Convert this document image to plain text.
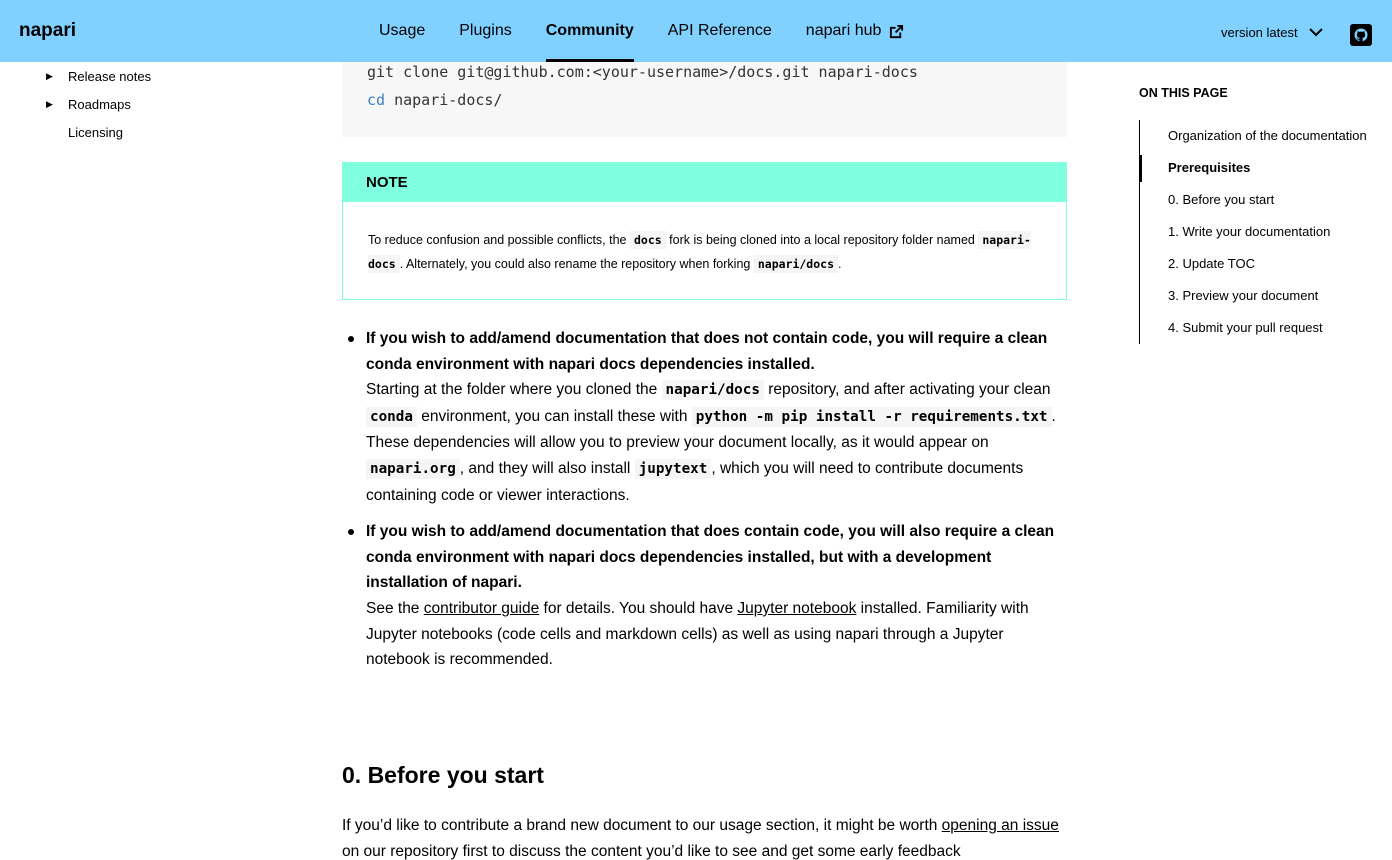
git clone git@github.com:<your-username>/docs.git napari-docs
cd napari-docs/
NOTE
To reduce confusion and possible conflicts, the docs fork is being cloned into a local repository folder named napari-docs . Alternately, you could also rename the repository when forking napari/docs .
If you wish to add/amend documentation that does not contain code, you will require a clean conda environment with napari docs dependencies installed.
Starting at the folder where you cloned the napari/docs repository, and after activating your clean conda environment, you can install these with python -m pip install -r requirements.txt .
These dependencies will allow you to preview your document locally, as it would appear on napari.org , and they will also install jupytext , which you will need to contribute documents containing code or viewer interactions.
If you wish to add/amend documentation that does contain code, you will also require a clean conda environment with napari docs dependencies installed, but with a development installation of napari.
See the contributor guide for details. You should have Jupyter notebook installed. Familiarity with Jupyter notebooks (code cells and markdown cells) as well as using napari through a Jupyter notebook is recommended.
0. Before you start
If you’d like to contribute a brand new document to our usage section, it might be worth opening an issue on our repository first to discuss the content you’d like to see and get some early feedback
▶	Release notes
▶	Roadmaps
Licensing
ON THIS PAGE
Organization of the documentation
Prerequisites
0. Before you start
1. Write your documentation
2. Update TOC
3. Preview your document
4. Submit your pull request
napari	Usage Plugins Community API Reference napari hub	version latest
